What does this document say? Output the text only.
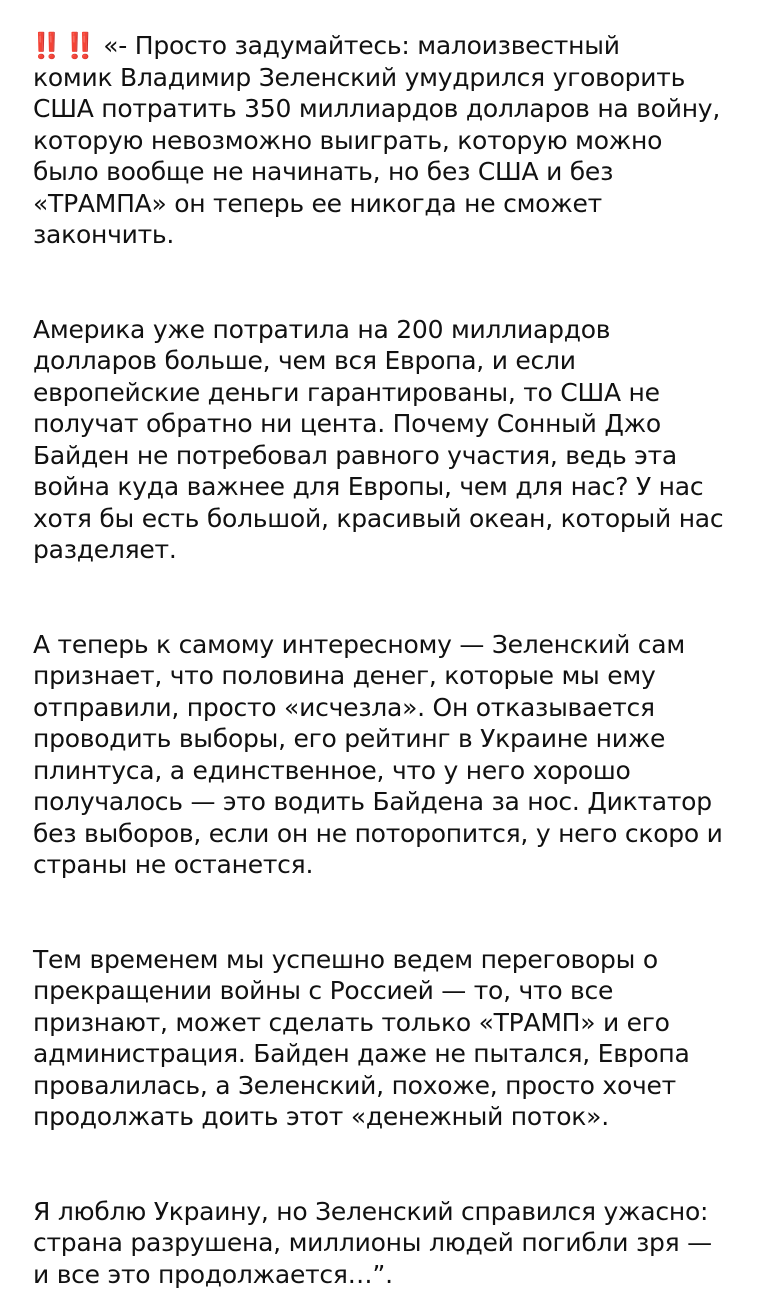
‼️‼️ «- Просто задумайтесь: малоизвестный
комик Владимир Зеленский умудрился уговорить
США потратить 350 миллиардов долларов на войну,
которую невозможно выиграть, которую можно
было вообще не начинать, но без США и без
«ТРАМПА» он теперь ее никогда не сможет
закончить.

Америка уже потратила на 200 миллиардов
долларов больше, чем вся Европа, и если
европейские деньги гарантированы, то США не
получат обратно ни цента. Почему Сонный Джо
Байден не потребовал равного участия, ведь эта
война куда важнее для Европы, чем для нас? У нас
хотя бы есть большой, красивый океан, который нас
разделяет.

А теперь к самому интересному — Зеленский сам
признает, что половина денег, которые мы ему
отправили, просто «исчезла». Он отказывается
проводить выборы, его рейтинг в Украине ниже
плинтуса, а единственное, что у него хорошо
получалось — это водить Байдена за нос. Диктатор
без выборов, если он не поторопится, у него скоро и
страны не останется.

Тем временем мы успешно ведем переговоры о
прекращении войны с Россией — то, что все
признают, может сделать только «ТРАМП» и его
администрация. Байден даже не пытался, Европа
провалилась, а Зеленский, похоже, просто хочет
продолжать доить этот «денежный поток».

Я люблю Украину, но Зеленский справился ужасно:
страна разрушена, миллионы людей погибли зря —
и все это продолжается…”.
